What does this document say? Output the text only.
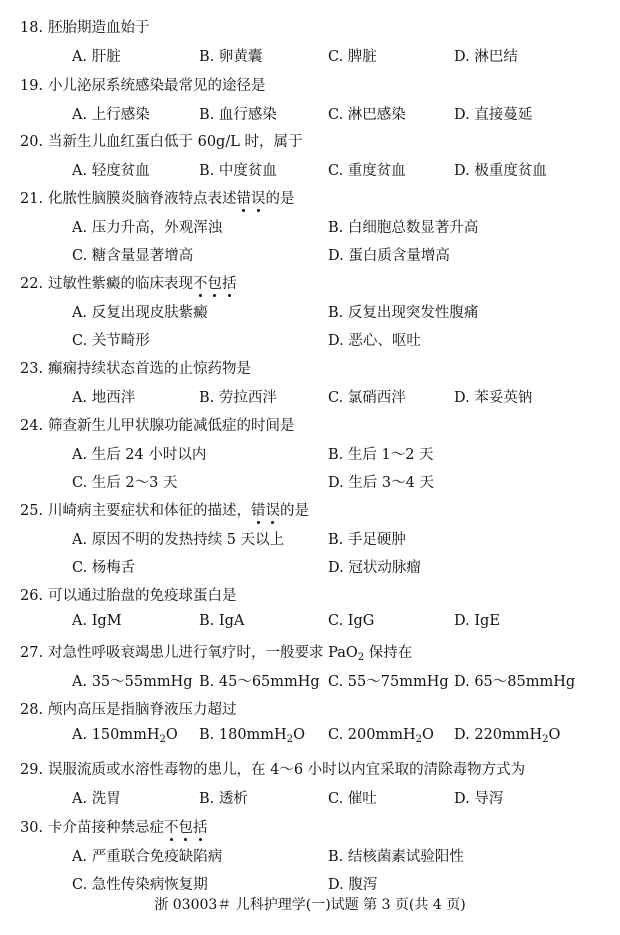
18. 胚胎期造血始于
A. 肝脏	B. 卵黄囊	C. 脾脏	D. 淋巴结
19. 小儿泌尿系统感染最常见的途径是
A. 上行感染	B. 血行感染	C. 淋巴感染	D. 直接蔓延
20. 当新生儿血红蛋白低于 60g/L 时，属于
A. 轻度贫血	B. 中度贫血	C. 重度贫血	D. 极重度贫血
21. 化脓性脑膜炎脑脊液特点表述错误的是
A. 压力升高，外观浑浊	B. 白细胞总数显著升高
C. 糖含量显著增高	D. 蛋白质含量增高
22. 过敏性紫癜的临床表现不包括
A. 反复出现皮肤紫癜	B. 反复出现突发性腹痛
C. 关节畸形	D. 恶心、呕吐
23. 癫痫持续状态首选的止惊药物是
A. 地西泮	B. 劳拉西泮	C. 氯硝西泮	D. 苯妥英钠
24. 筛查新生儿甲状腺功能减低症的时间是
A. 生后 24 小时以内	B. 生后 1～2 天
C. 生后 2～3 天	D. 生后 3～4 天
25. 川崎病主要症状和体征的描述，错误的是
A. 原因不明的发热持续 5 天以上	B. 手足硬肿
C. 杨梅舌	D. 冠状动脉瘤
26. 可以通过胎盘的免疫球蛋白是
A. IgM	B. IgA	C. IgG	D. IgE
27. 对急性呼吸衰竭患儿进行氧疗时，一般要求 PaO$_2$ 保持在
A. 35～55mmHg B. 45～65mmHg C. 55～75mmHg D. 65～85mmHg
28. 颅内高压是指脑脊液压力超过
A. 150mmH$_2$O B. 180mmH$_2$O C. 200mmH$_2$O D. 220mmH$_2$O
29. 误服流质或水溶性毒物的患儿，在 4～6 小时以内宜采取的清除毒物方式为
A. 洗胃	B. 透析	C. 催吐	D. 导泻
30. 卡介苗接种禁忌症不包括
A. 严重联合免疫缺陷病	B. 结核菌素试验阳性
C. 急性传染病恢复期	D. 腹泻
浙 03003＃ 儿科护理学(一)试题 第 3 页(共 4 页)
